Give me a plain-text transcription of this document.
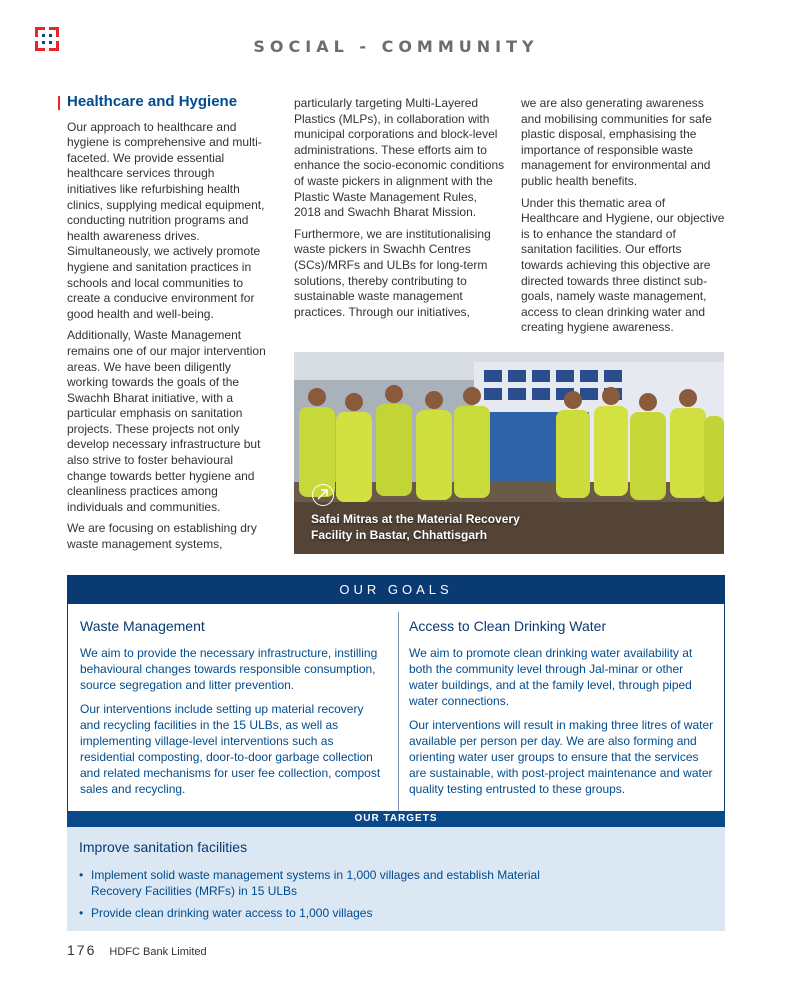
SOCIAL - COMMUNITY
Healthcare and Hygiene

Our approach to healthcare and hygiene is comprehensive and multi-faceted. We provide essential healthcare services through initiatives like refurbishing health clinics, supplying medical equipment, conducting nutrition programs and health awareness drives. Simultaneously, we actively promote hygiene and sanitation practices in schools and local communities to create a conducive environment for good health and well-being.

Additionally, Waste Management remains one of our major intervention areas. We have been diligently working towards the goals of the Swachh Bharat initiative, with a particular emphasis on sanitation projects. These projects not only develop necessary infrastructure but also strive to foster behavioural change towards better hygiene and cleanliness practices among individuals and communities.

We are focusing on establishing dry waste management systems,

particularly targeting Multi-Layered Plastics (MLPs), in collaboration with municipal corporations and block-level administrations. These efforts aim to enhance the socio-economic conditions of waste pickers in alignment with the Plastic Waste Management Rules, 2018 and Swachh Bharat Mission.

Furthermore, we are institutionalising waste pickers in Swachh Centres (SCs)/MRFs and ULBs for long-term solutions, thereby contributing to sustainable waste management practices. Through our initiatives,

we are also generating awareness and mobilising communities for safe plastic disposal, emphasising the importance of responsible waste management for environmental and public health benefits.

Under this thematic area of Healthcare and Hygiene, our objective is to enhance the standard of sanitation facilities. Our efforts towards achieving this objective are directed towards three distinct sub-goals, namely waste management, access to clean drinking water and creating hygiene awareness.

Safai Mitras at the Material Recovery Facility in Bastar, Chhattisgarh
OUR GOALS
Waste Management

We aim to provide the necessary infrastructure, instilling behavioural changes towards responsible consumption, source segregation and litter prevention.

Our interventions include setting up material recovery and recycling facilities in the 15 ULBs, as well as implementing village-level interventions such as residential composting, door-to-door garbage collection and related mechanisms for user fee collection, compost sales and recycling.

Access to Clean Drinking Water

We aim to promote clean drinking water availability at both the community level through Jal-minar or other water buildings, and at the family level, through piped water connections.

Our interventions will result in making three litres of water available per person per day. We are also forming and orienting water user groups to ensure that the services are sustainable, with post-project maintenance and water quality testing entrusted to these groups.

OUR TARGETS
Improve sanitation facilities
• Implement solid waste management systems in 1,000 villages and establish Material Recovery Facilities (MRFs) in 15 ULBs
• Provide clean drinking water access to 1,000 villages
176 HDFC Bank Limited
